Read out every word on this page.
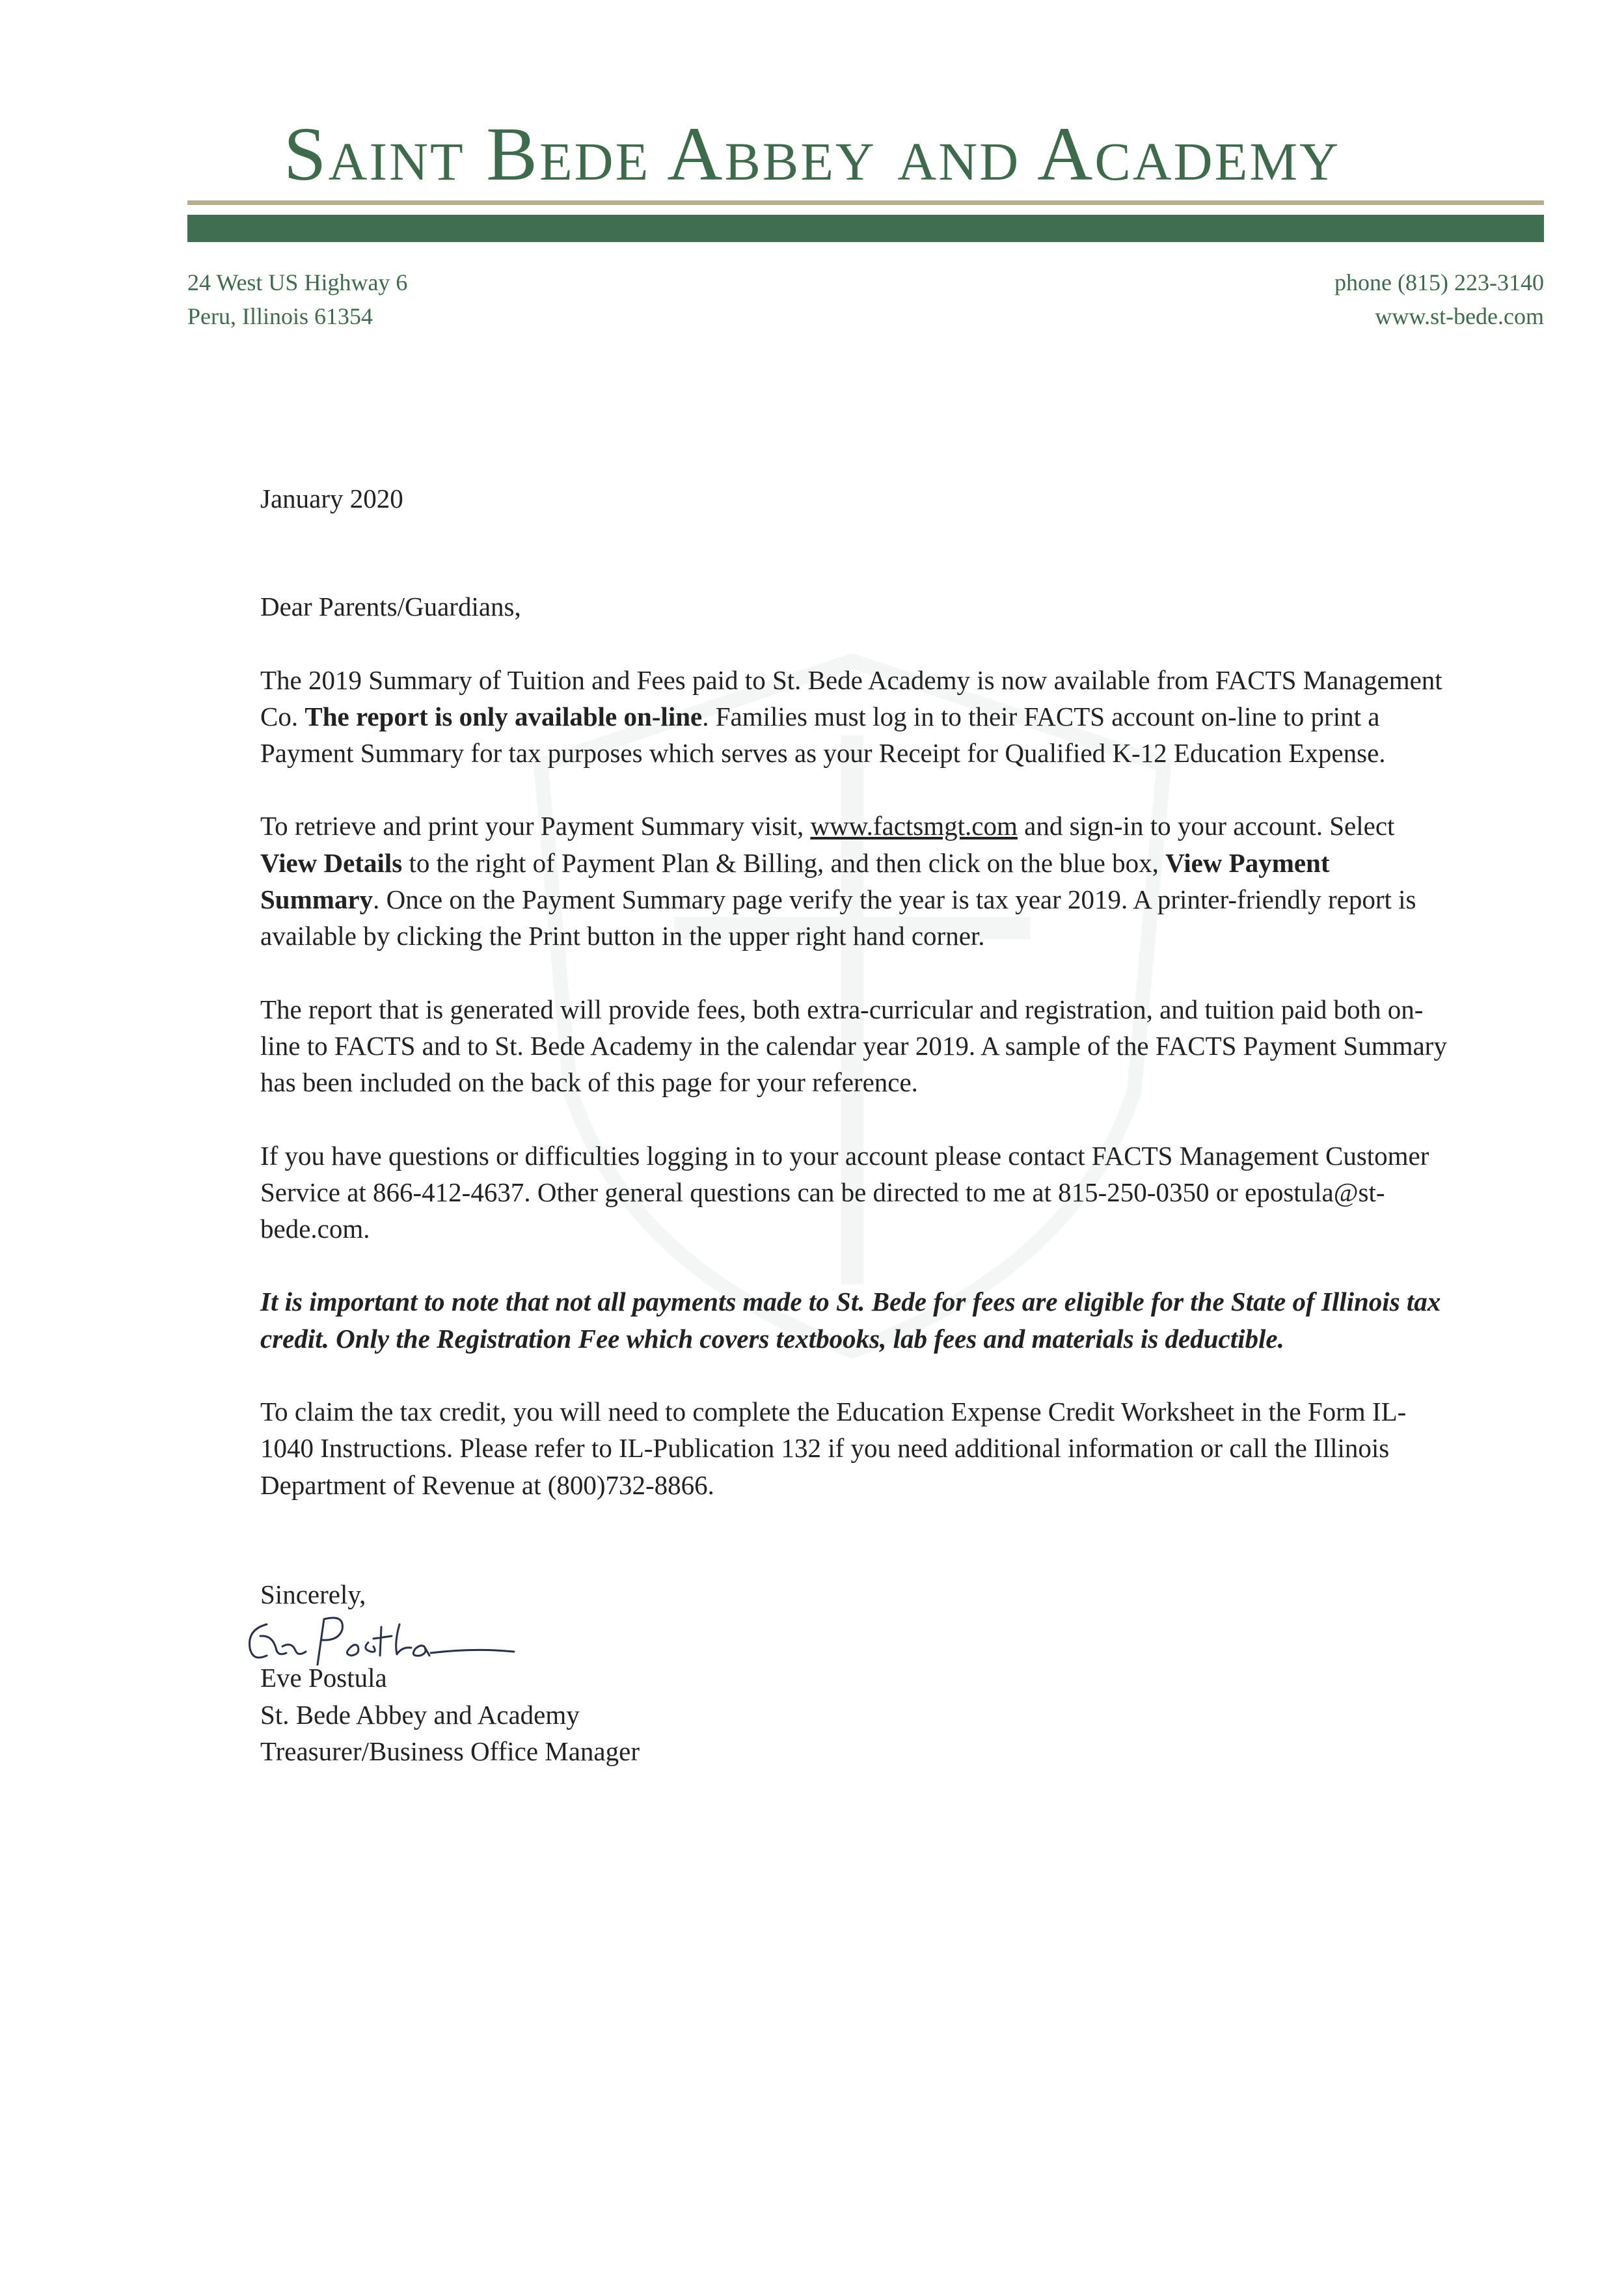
Saint Bede Abbey and Academy
24 West US Highway 6
Peru, Illinois 61354
phone (815) 223-3140
www.st-bede.com

January 2020

Dear Parents/Guardians,

The 2019 Summary of Tuition and Fees paid to St. Bede Academy is now available from FACTS Management Co. The report is only available on-line. Families must log in to their FACTS account on-line to print a Payment Summary for tax purposes which serves as your Receipt for Qualified K-12 Education Expense.

To retrieve and print your Payment Summary visit, www.factsmgt.com and sign-in to your account. Select View Details to the right of Payment Plan & Billing, and then click on the blue box, View Payment Summary. Once on the Payment Summary page verify the year is tax year 2019. A printer-friendly report is available by clicking the Print button in the upper right hand corner.

The report that is generated will provide fees, both extra-curricular and registration, and tuition paid both on-line to FACTS and to St. Bede Academy in the calendar year 2019. A sample of the FACTS Payment Summary has been included on the back of this page for your reference.

If you have questions or difficulties logging in to your account please contact FACTS Management Customer Service at 866-412-4637. Other general questions can be directed to me at 815-250-0350 or epostula@st-bede.com.

It is important to note that not all payments made to St. Bede for fees are eligible for the State of Illinois tax credit. Only the Registration Fee which covers textbooks, lab fees and materials is deductible.

To claim the tax credit, you will need to complete the Education Expense Credit Worksheet in the Form IL-1040 Instructions. Please refer to IL-Publication 132 if you need additional information or call the Illinois Department of Revenue at (800)732-8866.

Sincerely,

Eve Postula
St. Bede Abbey and Academy
Treasurer/Business Office Manager
